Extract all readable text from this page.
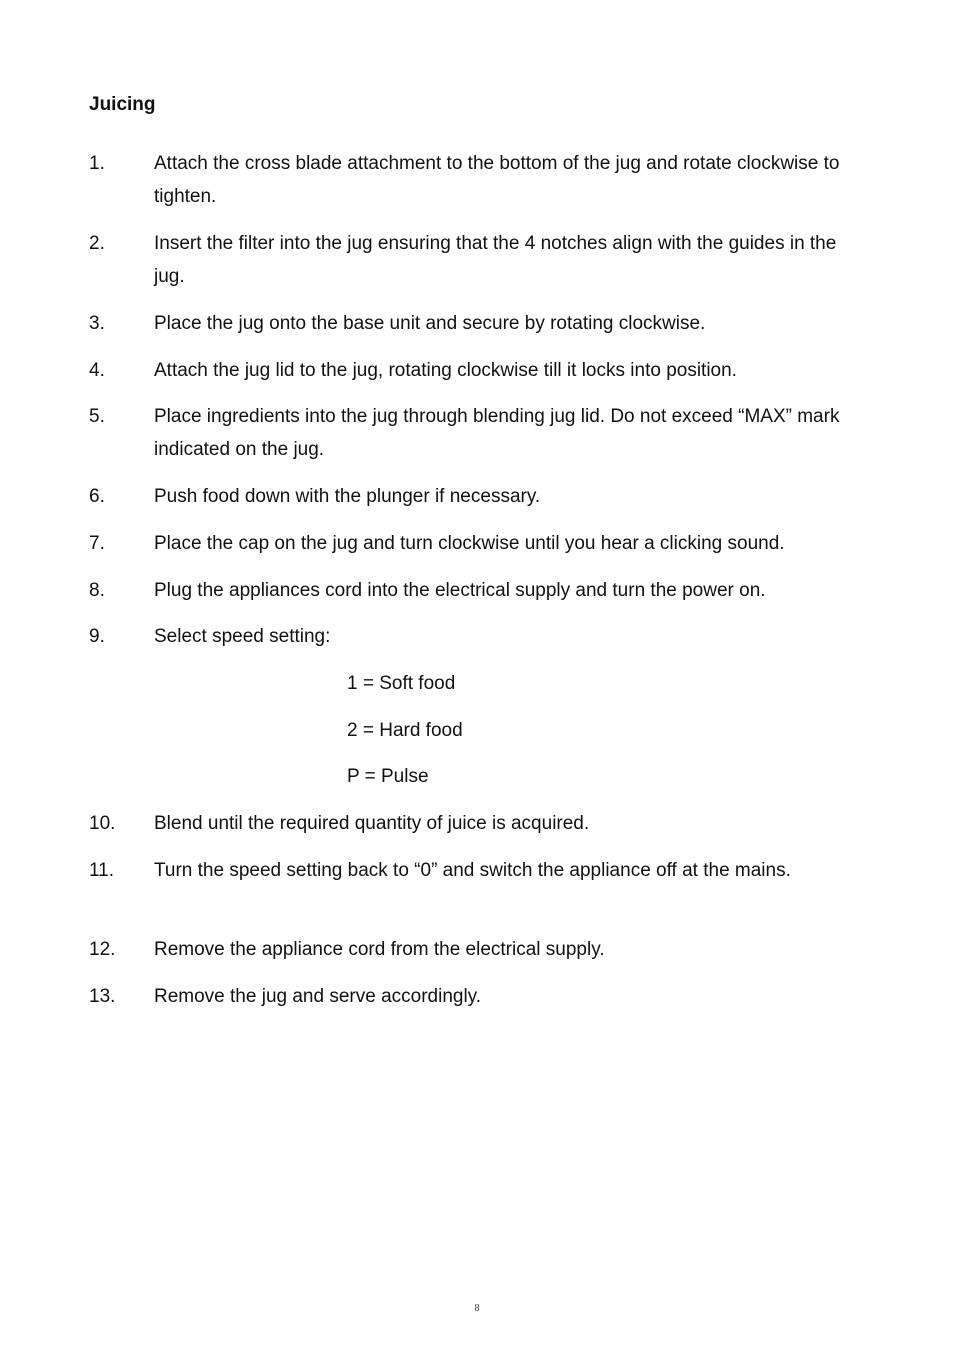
Juicing
1.	Attach the cross blade attachment to the bottom of the jug and rotate clockwise to tighten.
2.	Insert the filter into the jug ensuring that the 4 notches align with the guides in the jug.
3.	Place the jug onto the base unit and secure by rotating clockwise.
4.	Attach the jug lid to the jug, rotating clockwise till it locks into position.
5.	Place ingredients into the jug through blending jug lid. Do not exceed “MAX” mark indicated on the jug.
6.	Push food down with the plunger if necessary.
7.	Place the cap on the jug and turn clockwise until you hear a clicking sound.
8.	Plug the appliances cord into the electrical supply and turn the power on.
9.	Select speed setting:
1 = Soft food
2 = Hard food
P = Pulse
10.	Blend until the required quantity of juice is acquired.
11.	Turn the speed setting back to “0” and switch the appliance off at the mains.
12.	Remove the appliance cord from the electrical supply.
13.	Remove the jug and serve accordingly.
8
